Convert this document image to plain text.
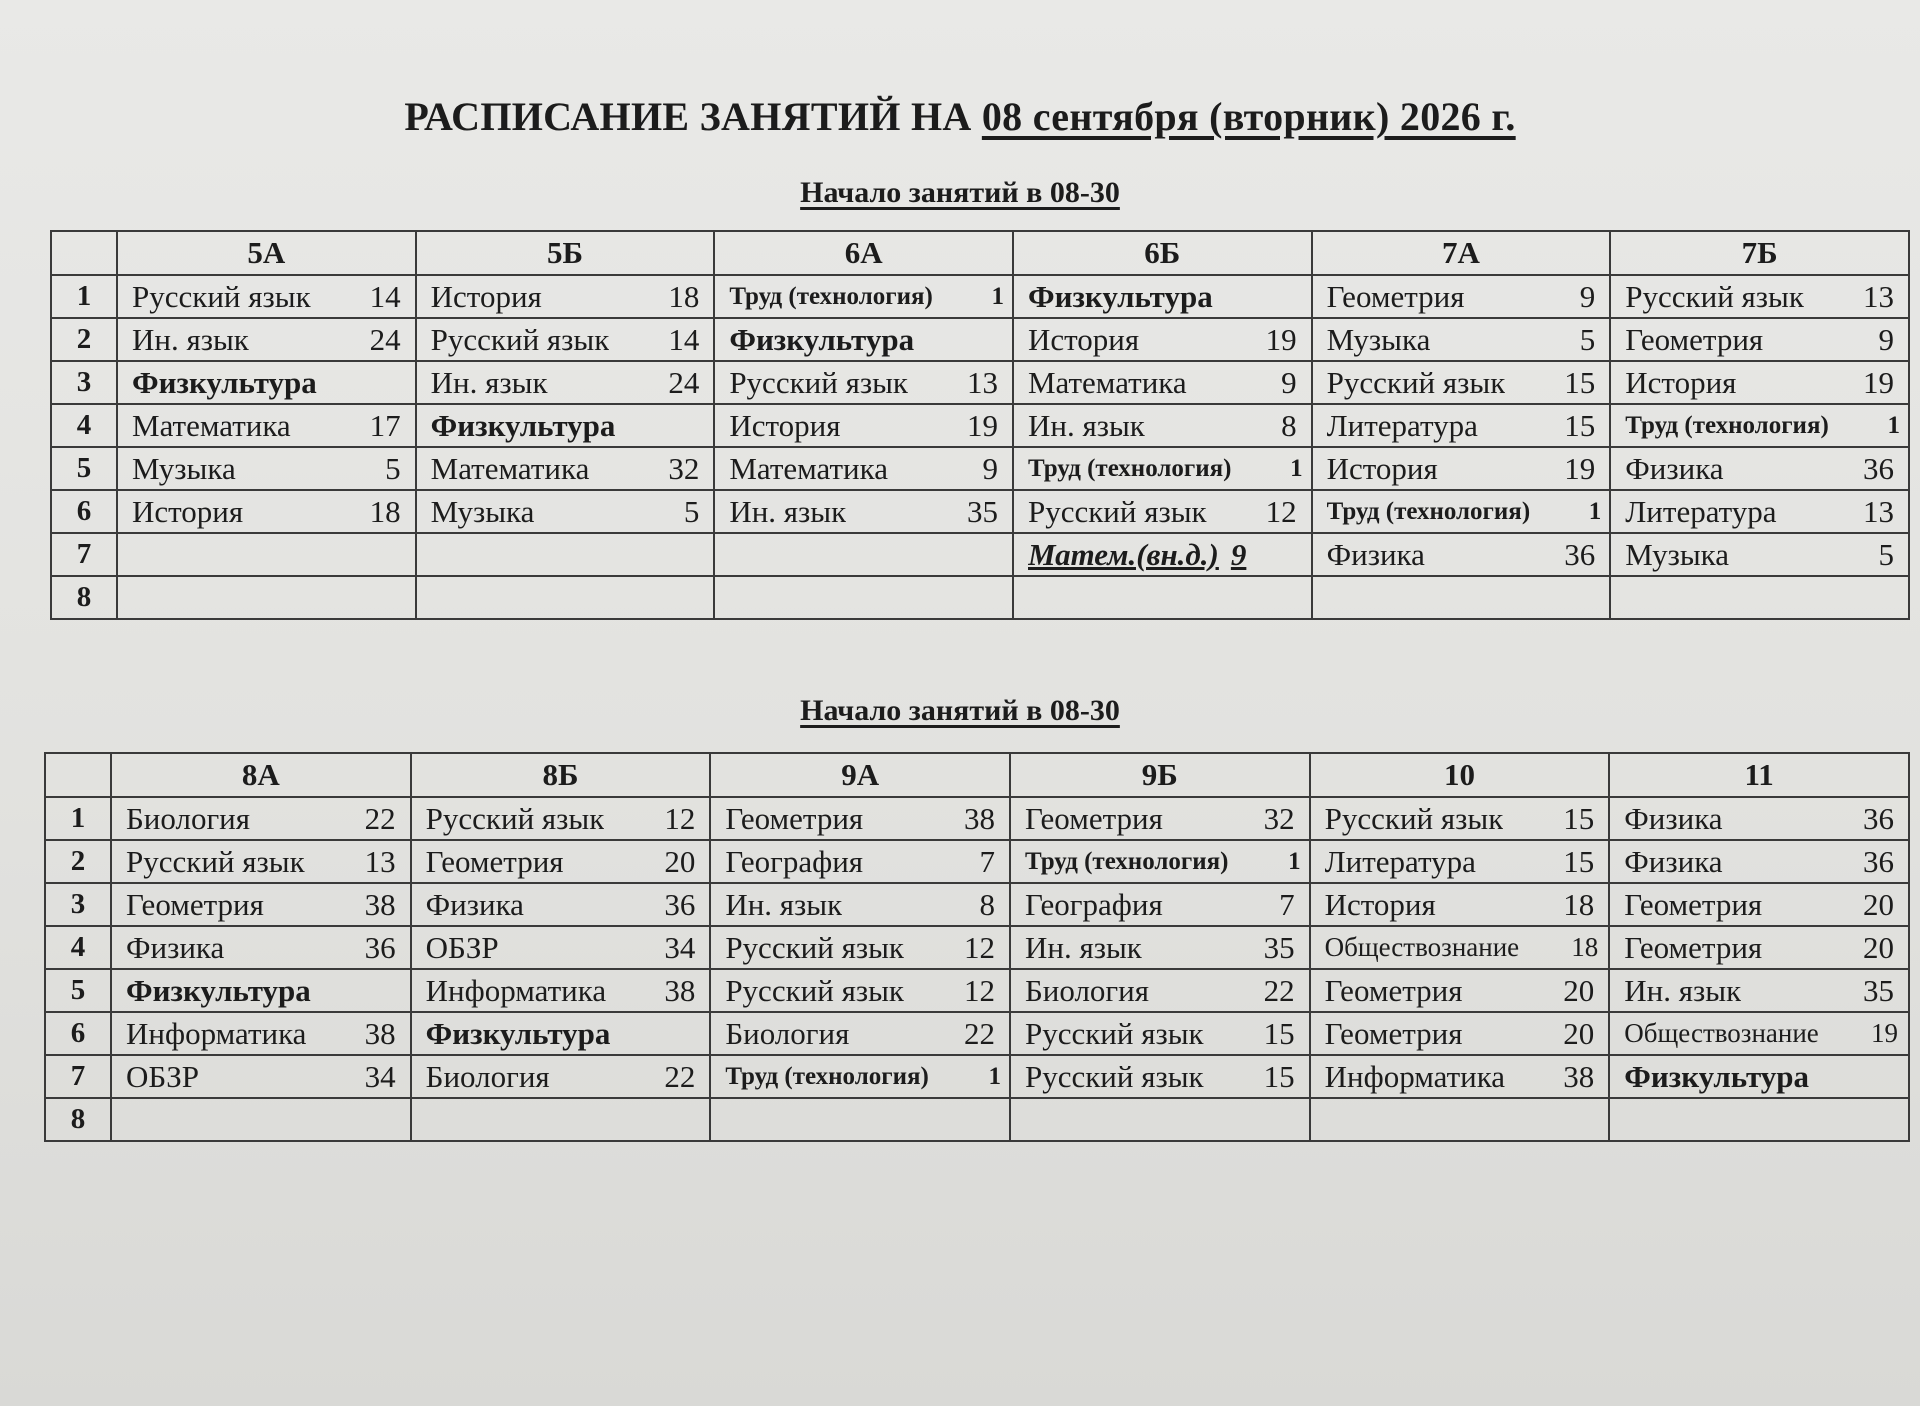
РАСПИСАНИЕ ЗАНЯТИЙ НА 08 сентября (вторник) 2026 г.
Начало занятий в 08-30
	5А	5Б	6А	6Б	7А	7Б
1	Русский язык 14	История 18	Труд (технология) 1	Физкультура	Геометрия 9	Русский язык 13

2	Ин. язык 24	Русский язык 14	Физкультура	История 19	Музыка 5	Геометрия 9

3	Физкультура	Ин. язык 24	Русский язык 13	Математика 9	Русский язык 15	История 19

4	Математика 17	Физкультура	История 19	Ин. язык 8	Литература 15	Труд (технология) 1

5	Музыка 5	Математика 32	Математика 9	Труд (технология) 1	История 19	Физика 36

6	История 18	Музыка 5	Ин. язык 35	Русский язык 12	Труд (технология) 1	Литература 13

7				Матем.(вн.д.) 9	Физика 36	Музыка 5

8	

Начало занятий в 08-30
	8А	8Б	9А	9Б	10	11
1	Биология 22	Русский язык 12	Геометрия 38	Геометрия 32	Русский язык 15	Физика 36

2	Русский язык 13	Геометрия 20	География 7	Труд (технология) 1	Литература 15	Физика 36

3	Геометрия 38	Физика 36	Ин. язык 8	География 7	История 18	Геометрия 20

4	Физика 36	ОБЗР 34	Русский язык 12	Ин. язык 35	Обществознание 18	Геометрия 20

5	Физкультура	Информатика 38	Русский язык 12	Биология 22	Геометрия 20	Ин. язык 35

6	Информатика 38	Физкультура	Биология 22	Русский язык 15	Геометрия 20	Обществознание 19

7	ОБЗР 34	Биология 22	Труд (технология) 1	Русский язык 15	Информатика 38	Физкультура

8	
